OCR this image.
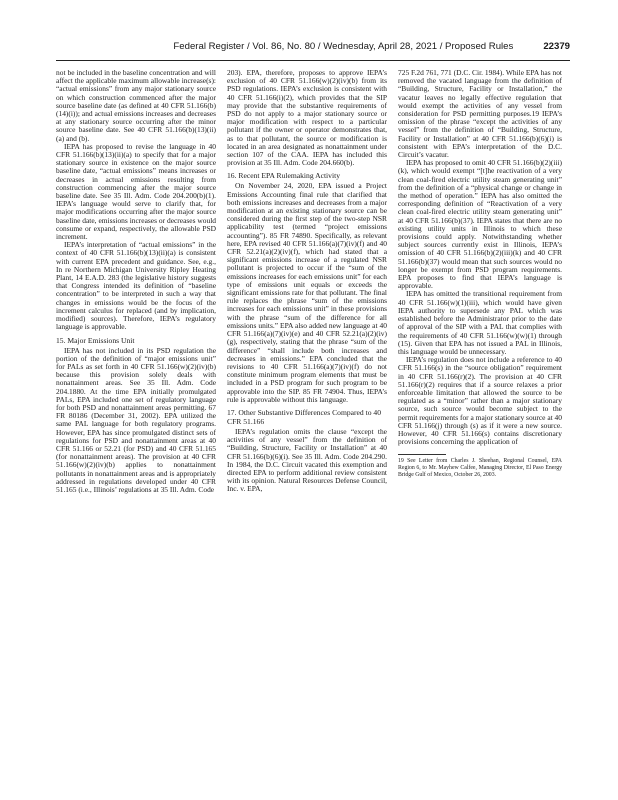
Federal Register / Vol. 86, No. 80 / Wednesday, April 28, 2021 / Proposed Rules	22379

not be included in the baseline concentration and will affect the applicable maximum allowable increase(s): “actual emissions” from any major stationary source on which construction commenced after the major source baseline date (as defined at 40 CFR 51.166(b)(14)(i)); and actual emissions increases and decreases at any stationary source occurring after the minor source baseline date. See 40 CFR 51.166(b)(13)(ii)(a) and (b).

IEPA has proposed to revise the language in 40 CFR 51.166(b)(13)(ii)(a) to specify that for a major stationary source in existence on the major source baseline date, “actual emissions” means increases or decreases in actual emissions resulting from construction commencing after the major source baseline date. See 35 Ill. Adm. Code 204.200(b)(1). IEPA’s language would serve to clarify that, for major modifications occurring after the major source baseline date, emissions increases or decreases would consume or expand, respectively, the allowable PSD increment.

IEPA’s interpretation of “actual emissions” in the context of 40 CFR 51.166(b)(13)(ii)(a) is consistent with current EPA precedent and guidance. See, e.g., In re Northern Michigan University Ripley Heating Plant, 14 E.A.D. 283 (the legislative history suggests that Congress intended its definition of “baseline concentration” to be interpreted in such a way that changes in emissions would be the focus of the increment calculus for replaced (and by implication, modified) sources). Therefore, IEPA’s regulatory language is approvable.

15. Major Emissions Unit

IEPA has not included in its PSD regulation the portion of the definition of “major emissions unit” for PALs as set forth in 40 CFR 51.166(w)(2)(iv)(b) because this provision solely deals with nonattainment areas. See 35 Ill. Adm. Code 204.1880. At the time EPA initially promulgated PALs, EPA included one set of regulatory language for both PSD and nonattainment areas permitting. 67 FR 80186 (December 31, 2002). EPA utilized the same PAL language for both regulatory programs. However, EPA has since promulgated distinct sets of regulations for PSD and nonattainment areas at 40 CFR 51.166 or 52.21 (for PSD) and 40 CFR 51.165 (for nonattainment areas). The provision at 40 CFR 51.166(w)(2)(iv)(b) applies to nonattainment pollutants in nonattainment areas and is appropriately addressed in regulations developed under 40 CFR 51.165 (i.e., Illinois’ regulations at 35 Ill. Adm. Code

203). EPA, therefore, proposes to approve IEPA’s exclusion of 40 CFR 51.166(w)(2)(iv)(b) from its PSD regulations. IEPA’s exclusion is consistent with 40 CFR 51.166(i)(2), which provides that the SIP may provide that the substantive requirements of PSD do not apply to a major stationary source or major modification with respect to a particular pollutant if the owner or operator demonstrates that, as to that pollutant, the source or modification is located in an area designated as nonattainment under section 107 of the CAA. IEPA has included this provision at 35 Ill. Adm. Code 204.660(b).

16. Recent EPA Rulemaking Activity

On November 24, 2020, EPA issued a Project Emissions Accounting final rule that clarified that both emissions increases and decreases from a major modification at an existing stationary source can be considered during the first step of the two-step NSR applicability test (termed “project emissions accounting”). 85 FR 74890. Specifically, as relevant here, EPA revised 40 CFR 51.166(a)(7)(iv)(f) and 40 CFR 52.21(a)(2)(iv)(f), which had stated that a significant emissions increase of a regulated NSR pollutant is projected to occur if the “sum of the emissions increases for each emissions unit” for each type of emissions unit equals or exceeds the significant emissions rate for that pollutant. The final rule replaces the phrase “sum of the emissions increases for each emissions unit” in these provisions with the phrase “sum of the difference for all emissions units.” EPA also added new language at 40 CFR 51.166(a)(7)(iv)(e) and 40 CFR 52.21(a)(2)(iv)(g), respectively, stating that the phrase “sum of the difference” “shall include both increases and decreases in emissions.” EPA concluded that the revisions to 40 CFR 51.166(a)(7)(iv)(f) do not constitute minimum program elements that must be included in a PSD program for such program to be approvable into the SIP. 85 FR 74904. Thus, IEPA’s rule is approvable without this language.

17. Other Substantive Differences Compared to 40 CFR 51.166

IEPA’s regulation omits the clause “except the activities of any vessel” from the definition of “Building, Structure, Facility or Installation” at 40 CFR 51.166(b)(6)(i). See 35 Ill. Adm. Code 204.290. In 1984, the D.C. Circuit vacated this exemption and directed EPA to perform additional review consistent with its opinion. Natural Resources Defense Council, Inc. v. EPA,

725 F.2d 761, 771 (D.C. Cir. 1984). While EPA has not removed the vacated language from the definition of “Building, Structure, Facility or Installation,” the vacatur leaves no legally effective regulation that would exempt the activities of any vessel from consideration for PSD permitting purposes.19 IEPA’s omission of the phrase “except the activities of any vessel” from the definition of “Building, Structure, Facility or Installation” at 40 CFR 51.166(b)(6)(i) is consistent with EPA’s interpretation of the D.C. Circuit’s vacatur.

IEPA has proposed to omit 40 CFR 51.166(b)(2)(iii)(k), which would exempt “[t]he reactivation of a very clean coal-fired electric utility steam generating unit” from the definition of a “physical change or change in the method of operation.” IEPA has also omitted the corresponding definition of “Reactivation of a very clean coal-fired electric utility steam generating unit” at 40 CFR 51.166(b)(37). IEPA states that there are no existing utility units in Illinois to which these provisions could apply. Notwithstanding whether subject sources currently exist in Illinois, IEPA’s omission of 40 CFR 51.166(b)(2)(iii)(k) and 40 CFR 51.166(b)(37) would mean that such sources would no longer be exempt from PSD program requirements. EPA proposes to find that IEPA’s language is approvable.

IEPA has omitted the transitional requirement from 40 CFR 51.166(w)(1)(iii), which would have given IEPA authority to supersede any PAL which was established before the Administrator prior to the date of approval of the SIP with a PAL that complies with the requirements of 40 CFR 51.166(w)(w)(1) through (15). Given that EPA has not issued a PAL in Illinois, this language would be unnecessary.

IEPA’s regulation does not include a reference to 40 CFR 51.166(s) in the “source obligation” requirement in 40 CFR 51.166(r)(2). The provision at 40 CFR 51.166(r)(2) requires that if a source relaxes a prior enforceable limitation that allowed the source to be regulated as a “minor” rather than a major stationary source, such source would become subject to the permit requirements for a major stationary source at 40 CFR 51.166(j) through (s) as if it were a new source. However, 40 CFR 51.166(s) contains discretionary provisions concerning the application of

19 See Letter from Charles J. Sheehan, Regional Counsel, EPA Region 6, to Mr. Mayhew Calfee, Managing Director, El Paso Energy Bridge Gulf of Mexico, October 26, 2003.
